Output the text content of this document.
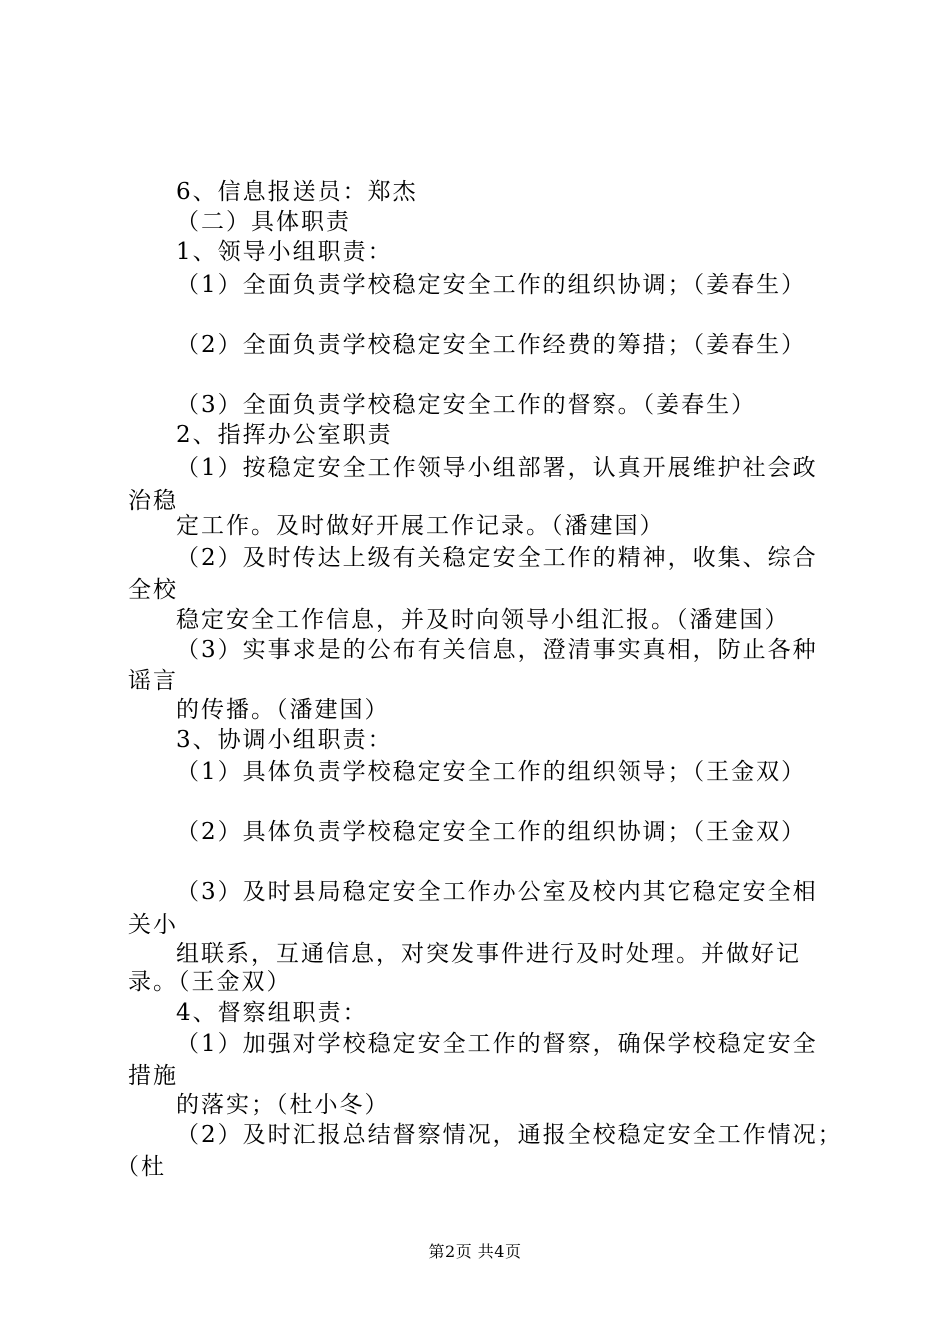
6、信息报送员：郑杰
（二）具体职责
1、领导小组职责：
（1）全面负责学校稳定安全工作的组织协调；（姜春生）
（2）全面负责学校稳定安全工作经费的筹措；（姜春生）
（3）全面负责学校稳定安全工作的督察。（姜春生）
2、指挥办公室职责
（1）按稳定安全工作领导小组部署，认真开展维护社会政
治稳
定工作。及时做好开展工作记录。（潘建国）
（2）及时传达上级有关稳定安全工作的精神，收集、综合
全校
稳定安全工作信息，并及时向领导小组汇报。（潘建国）
（3）实事求是的公布有关信息，澄清事实真相，防止各种
谣言
的传播。（潘建国）
3、协调小组职责：
（1）具体负责学校稳定安全工作的组织领导；（王金双）
（2）具体负责学校稳定安全工作的组织协调；（王金双）
（3）及时县局稳定安全工作办公室及校内其它稳定安全相
关小
组联系，互通信息，对突发事件进行及时处理。并做好记
录。（王金双）
4、督察组职责：
（1）加强对学校稳定安全工作的督察，确保学校稳定安全
措施
的落实；（杜小冬）
（2）及时汇报总结督察情况，通报全校稳定安全工作情况；
（杜
第2页 共4页
